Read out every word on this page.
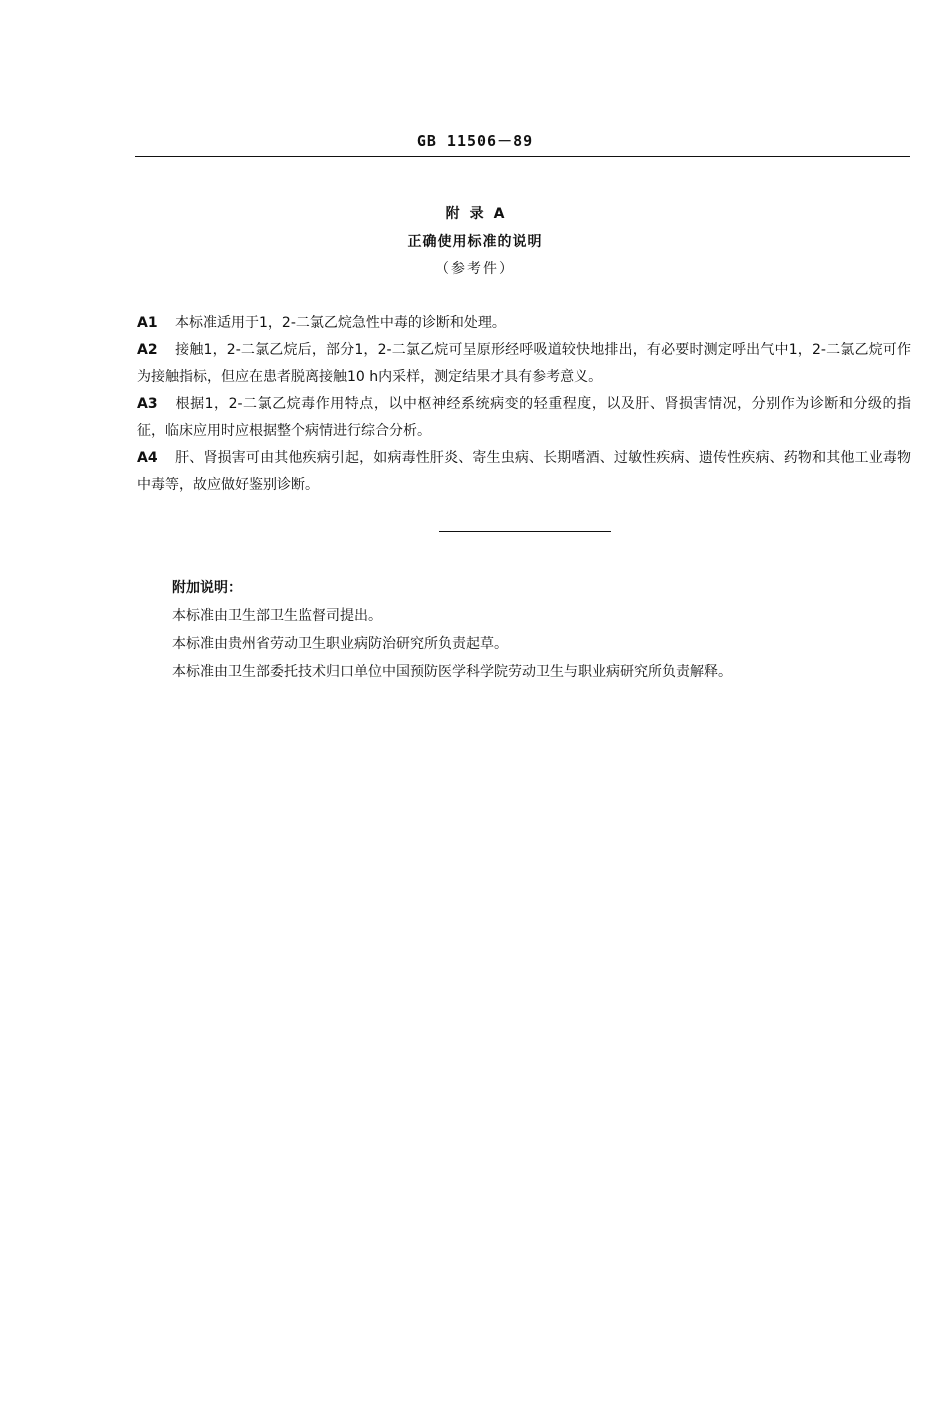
GB 11506－89
附录A
正确使用标准的说明
（参考件）

A1 本标准适用于1，2-二氯乙烷急性中毒的诊断和处理。

A2 接触1，2-二氯乙烷后，部分1，2-二氯乙烷可呈原形经呼吸道较快地排出，有必要时测定呼出气中1，2-二氯乙烷可作为接触指标，但应在患者脱离接触10 h内采样，测定结果才具有参考意义。

A3 根据1，2-二氯乙烷毒作用特点，以中枢神经系统病变的轻重程度，以及肝、肾损害情况，分别作为诊断和分级的指征，临床应用时应根据整个病情进行综合分析。

A4 肝、肾损害可由其他疾病引起，如病毒性肝炎、寄生虫病、长期嗜酒、过敏性疾病、遗传性疾病、药物和其他工业毒物中毒等，故应做好鉴别诊断。

附加说明：

本标准由卫生部卫生监督司提出。

本标准由贵州省劳动卫生职业病防治研究所负责起草。

本标准由卫生部委托技术归口单位中国预防医学科学院劳动卫生与职业病研究所负责解释。
